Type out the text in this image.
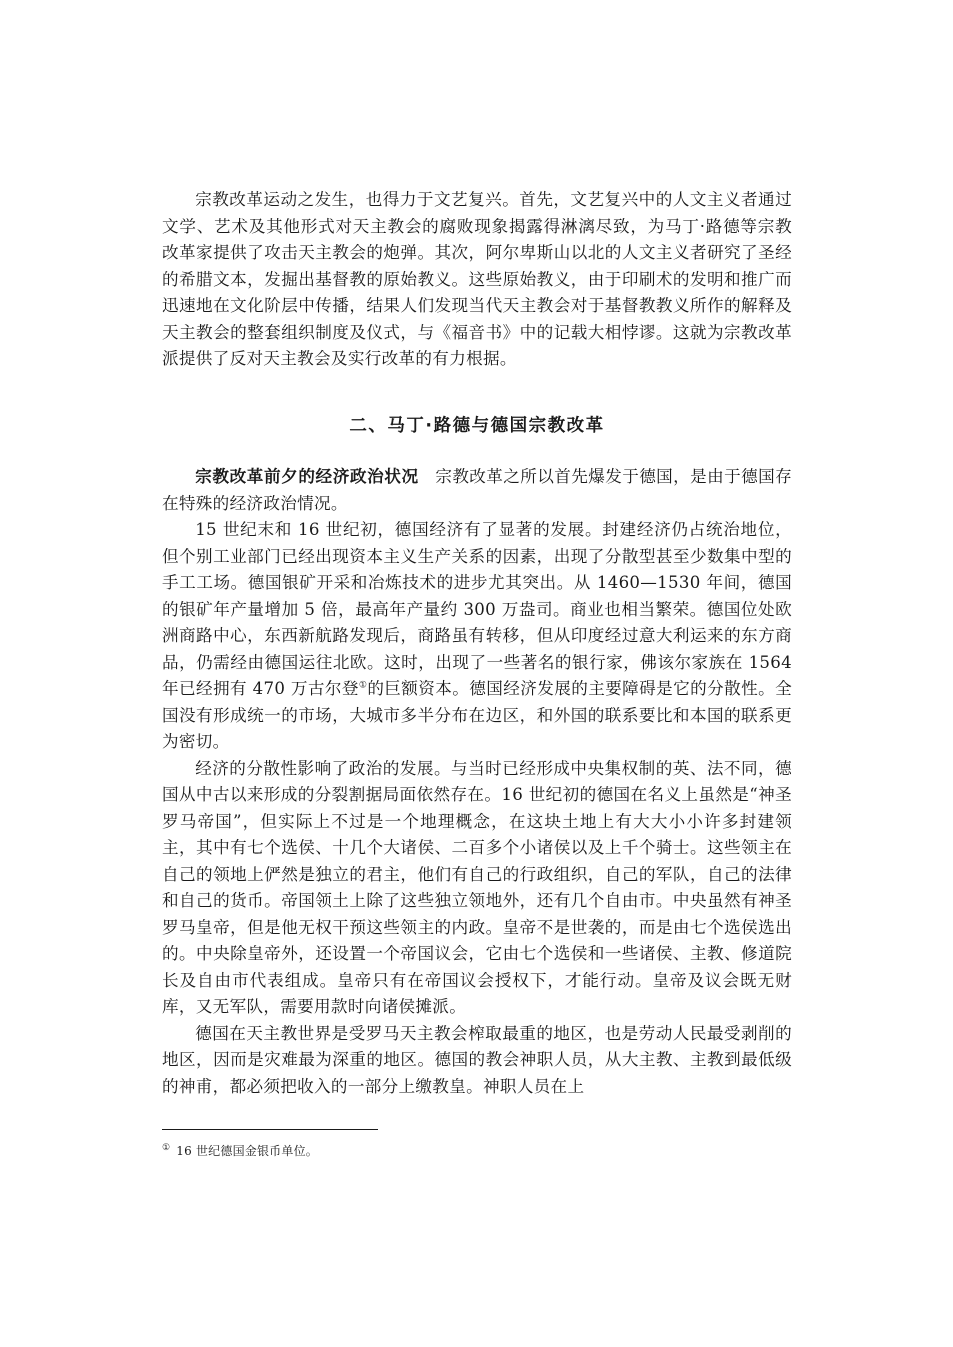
宗教改革运动之发生，也得力于文艺复兴。首先，文艺复兴中的人文主义者通过文学、艺术及其他形式对天主教会的腐败现象揭露得淋漓尽致，为马丁·路德等宗教改革家提供了攻击天主教会的炮弹。其次，阿尔卑斯山以北的人文主义者研究了圣经的希腊文本，发掘出基督教的原始教义。这些原始教义，由于印刷术的发明和推广而迅速地在文化阶层中传播，结果人们发现当代天主教会对于基督教教义所作的解释及天主教会的整套组织制度及仪式，与《福音书》中的记载大相悖谬。这就为宗教改革派提供了反对天主教会及实行改革的有力根据。

二、马丁·路德与德国宗教改革

宗教改革前夕的经济政治状况 宗教改革之所以首先爆发于德国，是由于德国存在特殊的经济政治情况。

15 世纪末和 16 世纪初，德国经济有了显著的发展。封建经济仍占统治地位，但个别工业部门已经出现资本主义生产关系的因素，出现了分散型甚至少数集中型的手工工场。德国银矿开采和冶炼技术的进步尤其突出。从 1460—1530 年间，德国的银矿年产量增加 5 倍，最高年产量约 300 万盎司。商业也相当繁荣。德国位处欧洲商路中心，东西新航路发现后，商路虽有转移，但从印度经过意大利运来的东方商品，仍需经由德国运往北欧。这时，出现了一些著名的银行家，佛该尔家族在 1564 年已经拥有 470 万古尔登①的巨额资本。德国经济发展的主要障碍是它的分散性。全国没有形成统一的市场，大城市多半分布在边区，和外国的联系要比和本国的联系更为密切。

经济的分散性影响了政治的发展。与当时已经形成中央集权制的英、法不同，德国从中古以来形成的分裂割据局面依然存在。16 世纪初的德国在名义上虽然是“神圣罗马帝国”，但实际上不过是一个地理概念，在这块土地上有大大小小许多封建领主，其中有七个选侯、十几个大诸侯、二百多个小诸侯以及上千个骑士。这些领主在自己的领地上俨然是独立的君主，他们有自己的行政组织，自己的军队，自己的法律和自己的货币。帝国领土上除了这些独立领地外，还有几个自由市。中央虽然有神圣罗马皇帝，但是他无权干预这些领主的内政。皇帝不是世袭的，而是由七个选侯选出的。中央除皇帝外，还设置一个帝国议会，它由七个选侯和一些诸侯、主教、修道院长及自由市代表组成。皇帝只有在帝国议会授权下，才能行动。皇帝及议会既无财库，又无军队，需要用款时向诸侯摊派。

德国在天主教世界是受罗马天主教会榨取最重的地区，也是劳动人民最受剥削的地区，因而是灾难最为深重的地区。德国的教会神职人员，从大主教、主教到最低级的神甫，都必须把收入的一部分上缴教皇。神职人员在上

① 16 世纪德国金银币单位。
